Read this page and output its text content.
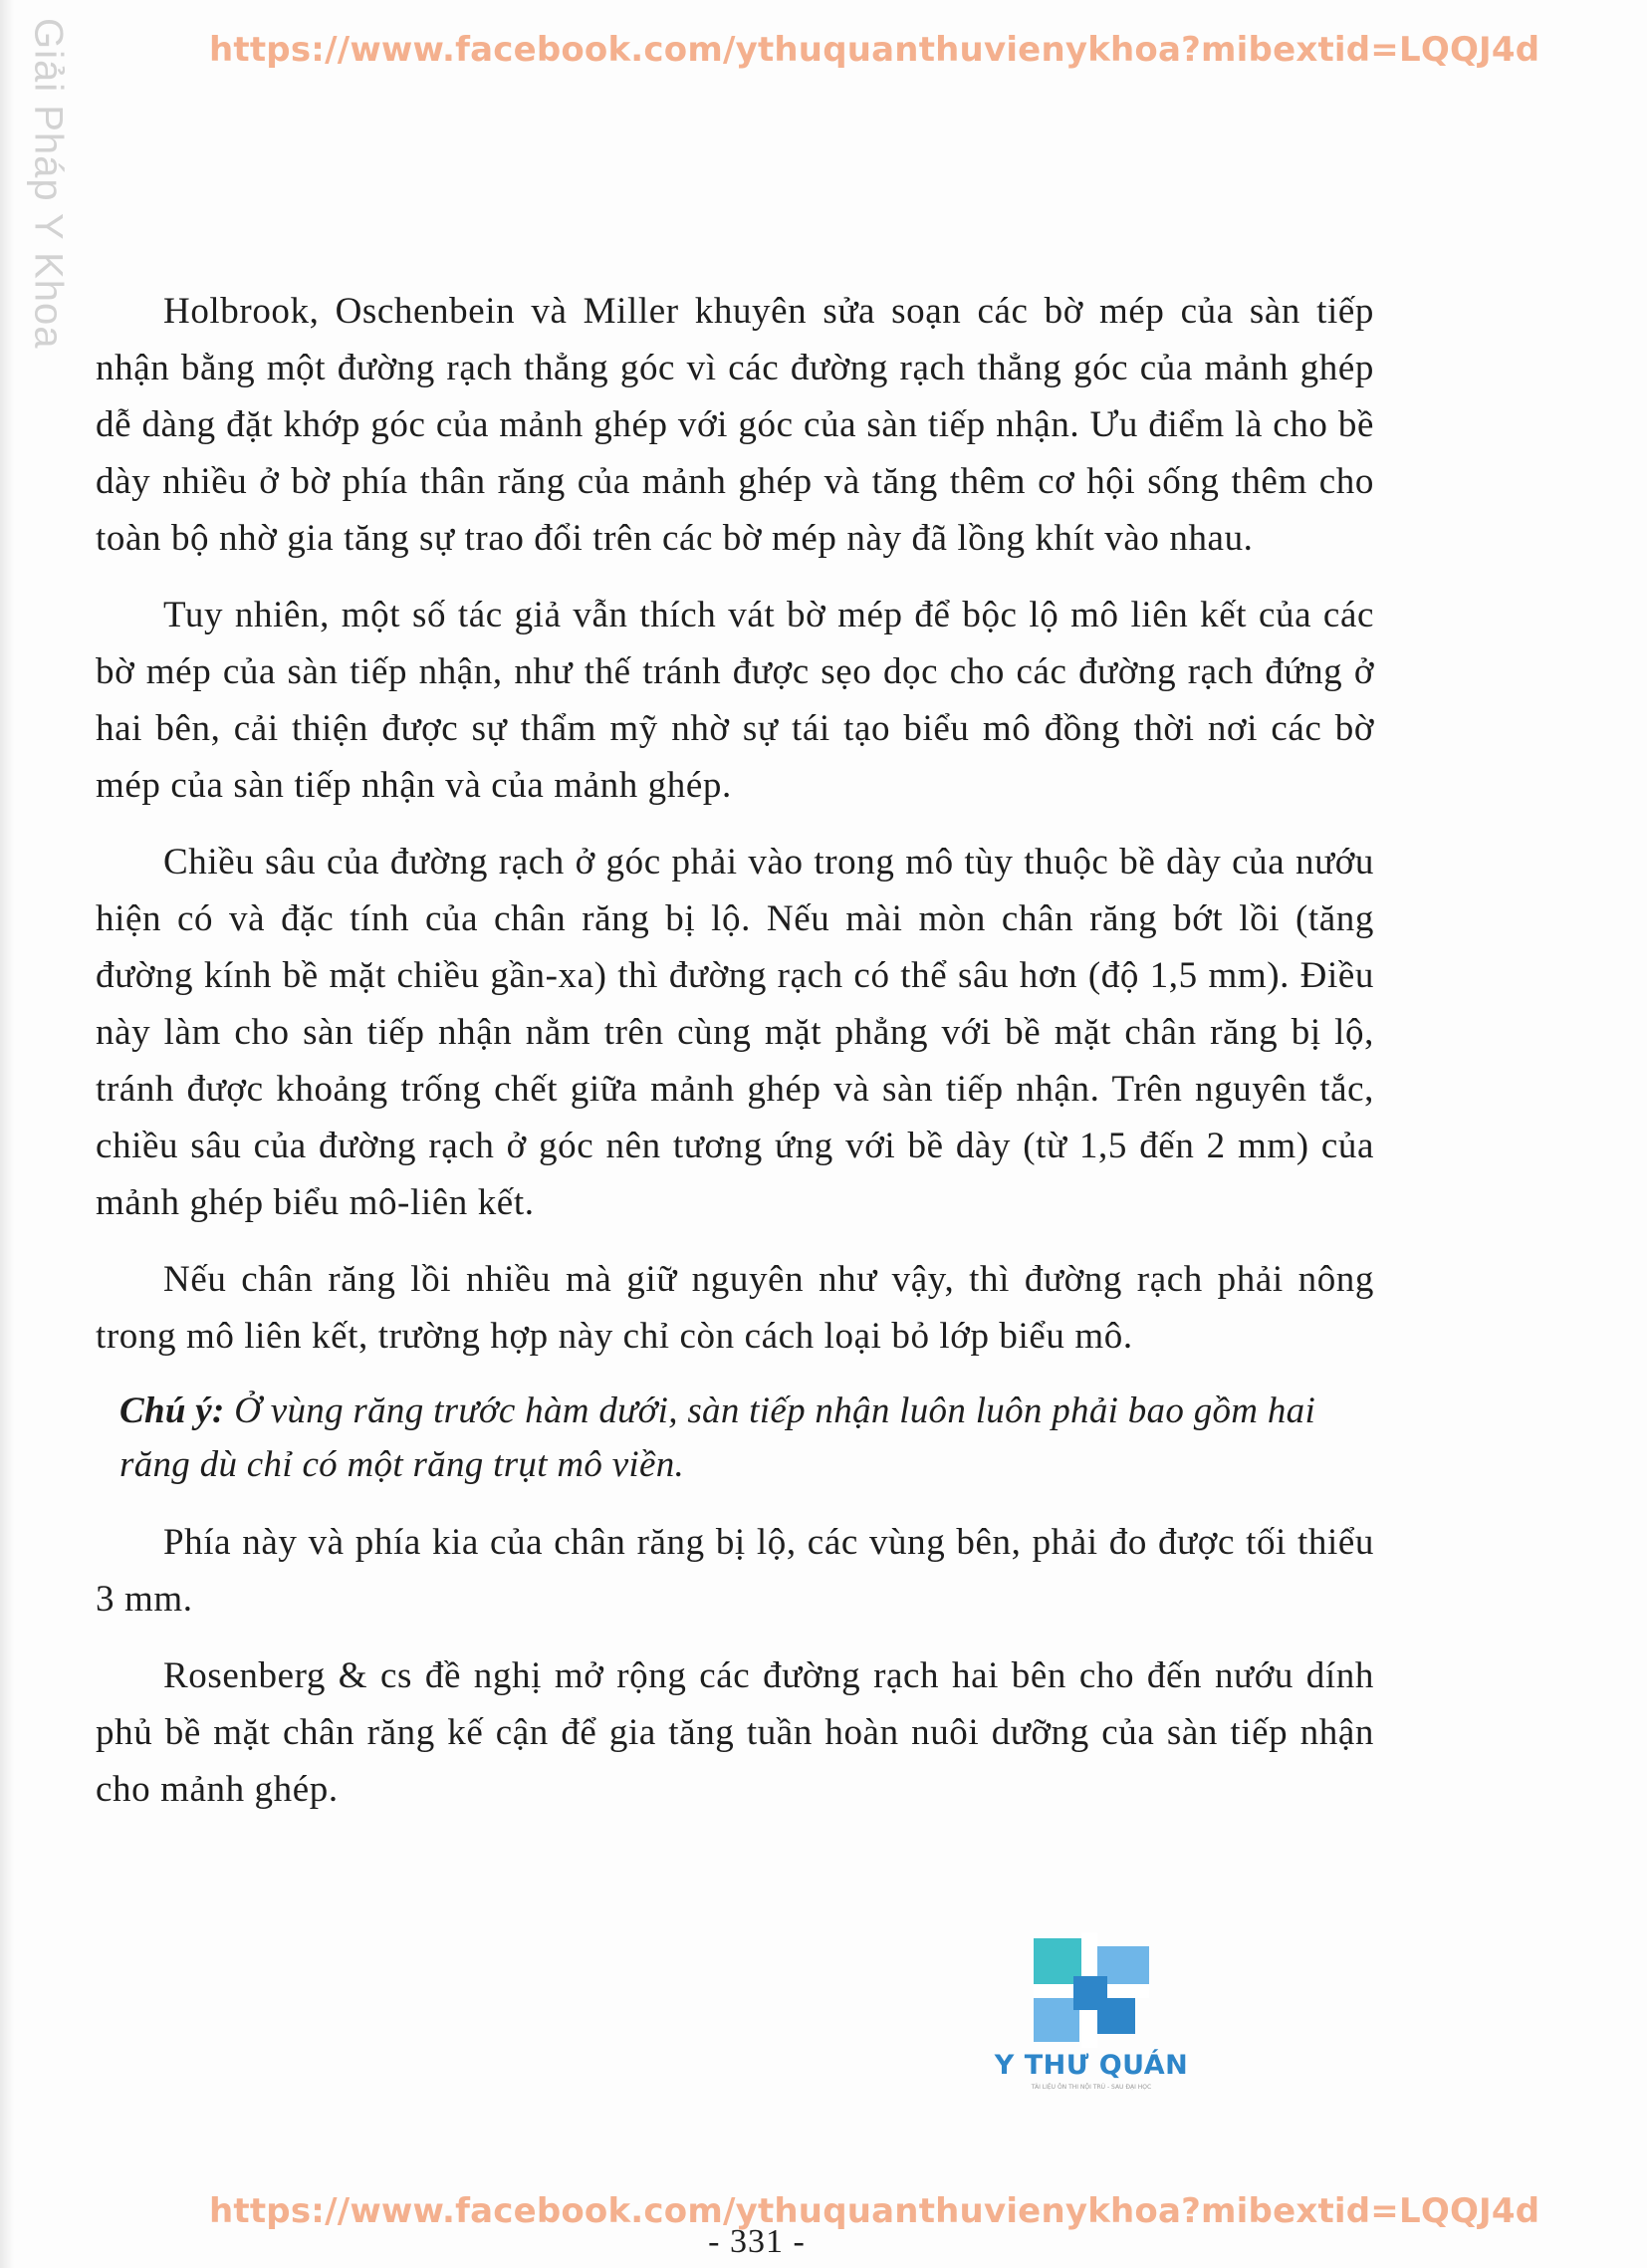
Giải Pháp Y Khoa	https://www.facebook.com/ythuquanthuvienykhoa?mibextid=LQQJ4d

Holbrook, Oschenbein và Miller khuyên sửa soạn các bờ mép của sàn tiếp nhận bằng một đường rạch thẳng góc vì các đường rạch thẳng góc của mảnh ghép dễ dàng đặt khớp góc của mảnh ghép với góc của sàn tiếp nhận. Ưu điểm là cho bề dày nhiều ở bờ phía thân răng của mảnh ghép và tăng thêm cơ hội sống thêm cho toàn bộ nhờ gia tăng sự trao đổi trên các bờ mép này đã lồng khít vào nhau.

Tuy nhiên, một số tác giả vẫn thích vát bờ mép để bộc lộ mô liên kết của các bờ mép của sàn tiếp nhận, như thế tránh được sẹo dọc cho các đường rạch đứng ở hai bên, cải thiện được sự thẩm mỹ nhờ sự tái tạo biểu mô đồng thời nơi các bờ mép của sàn tiếp nhận và của mảnh ghép.

Chiều sâu của đường rạch ở góc phải vào trong mô tùy thuộc bề dày của nướu hiện có và đặc tính của chân răng bị lộ. Nếu mài mòn chân răng bớt lồi (tăng đường kính bề mặt chiều gần-xa) thì đường rạch có thể sâu hơn (độ 1,5 mm). Điều này làm cho sàn tiếp nhận nằm trên cùng mặt phẳng với bề mặt chân răng bị lộ, tránh được khoảng trống chết giữa mảnh ghép và sàn tiếp nhận. Trên nguyên tắc, chiều sâu của đường rạch ở góc nên tương ứng với bề dày (từ 1,5 đến 2 mm) của mảnh ghép biểu mô-liên kết.

Nếu chân răng lồi nhiều mà giữ nguyên như vậy, thì đường rạch phải nông trong mô liên kết, trường hợp này chỉ còn cách loại bỏ lớp biểu mô.

Chú ý: Ở vùng răng trước hàm dưới, sàn tiếp nhận luôn luôn phải bao gồm hai răng dù chỉ có một răng trụt mô viền.

Phía này và phía kia của chân răng bị lộ, các vùng bên, phải đo được tối thiểu 3 mm.

Rosenberg & cs đề nghị mở rộng các đường rạch hai bên cho đến nướu dính phủ bề mặt chân răng kế cận để gia tăng tuần hoàn nuôi dưỡng của sàn tiếp nhận cho mảnh ghép.

Y THƯ QUÁN
TÀI LIỆU ÔN THI NỘI TRÚ - SAU ĐẠI HỌC
https://www.facebook.com/ythuquanthuvienykhoa?mibextid=LQQJ4d
- 331 -
